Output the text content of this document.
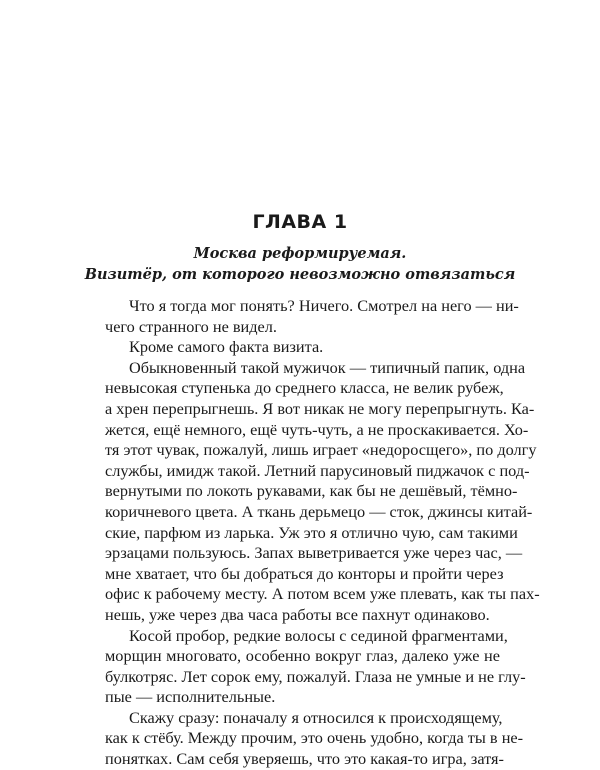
ГЛАВА 1
Москва реформируемая.
Визитёр, от которого невозможно отвязаться
Что я тогда мог понять? Ничего. Смотрел на него — ни-
чего странного не видел.
Кроме самого факта визита.
Обыкновенный такой мужичок — типичный папик, одна
невысокая ступенька до среднего класса, не велик рубеж,
а хрен перепрыгнешь. Я вот никак не могу перепрыгнуть. Ка-
жется, ещё немного, ещё чуть-чуть, а не проскакивается. Хо-
тя этот чувак, пожалуй, лишь играет «недоросщего», по долгу
службы, имидж такой. Летний парусиновый пиджачок с под-
вернутыми по локоть рукавами, как бы не дешёвый, тёмно-
коричневого цвета. А ткань дерьмецо — сток, джинсы китай-
ские, парфюм из ларька. Уж это я отлично чую, сам такими
эрзацами пользуюсь. Запах выветривается уже через час, —
мне хватает, что бы добраться до конторы и пройти через
офис к рабочему месту. А потом всем уже плевать, как ты пах-
нешь, уже через два часа работы все пахнут одинаково.
Косой пробор, редкие волосы с сединой фрагментами,
морщин многовато, особенно вокруг глаз, далеко уже не
булкотряс. Лет сорок ему, пожалуй. Глаза не умные и не глу-
пые — исполнительные.
Скажу сразу: поначалу я относился к происходящему,
как к стёбу. Между прочим, это очень удобно, когда ты в не-
понятках. Сам себя уверяешь, что это какая-то игра, затя-
